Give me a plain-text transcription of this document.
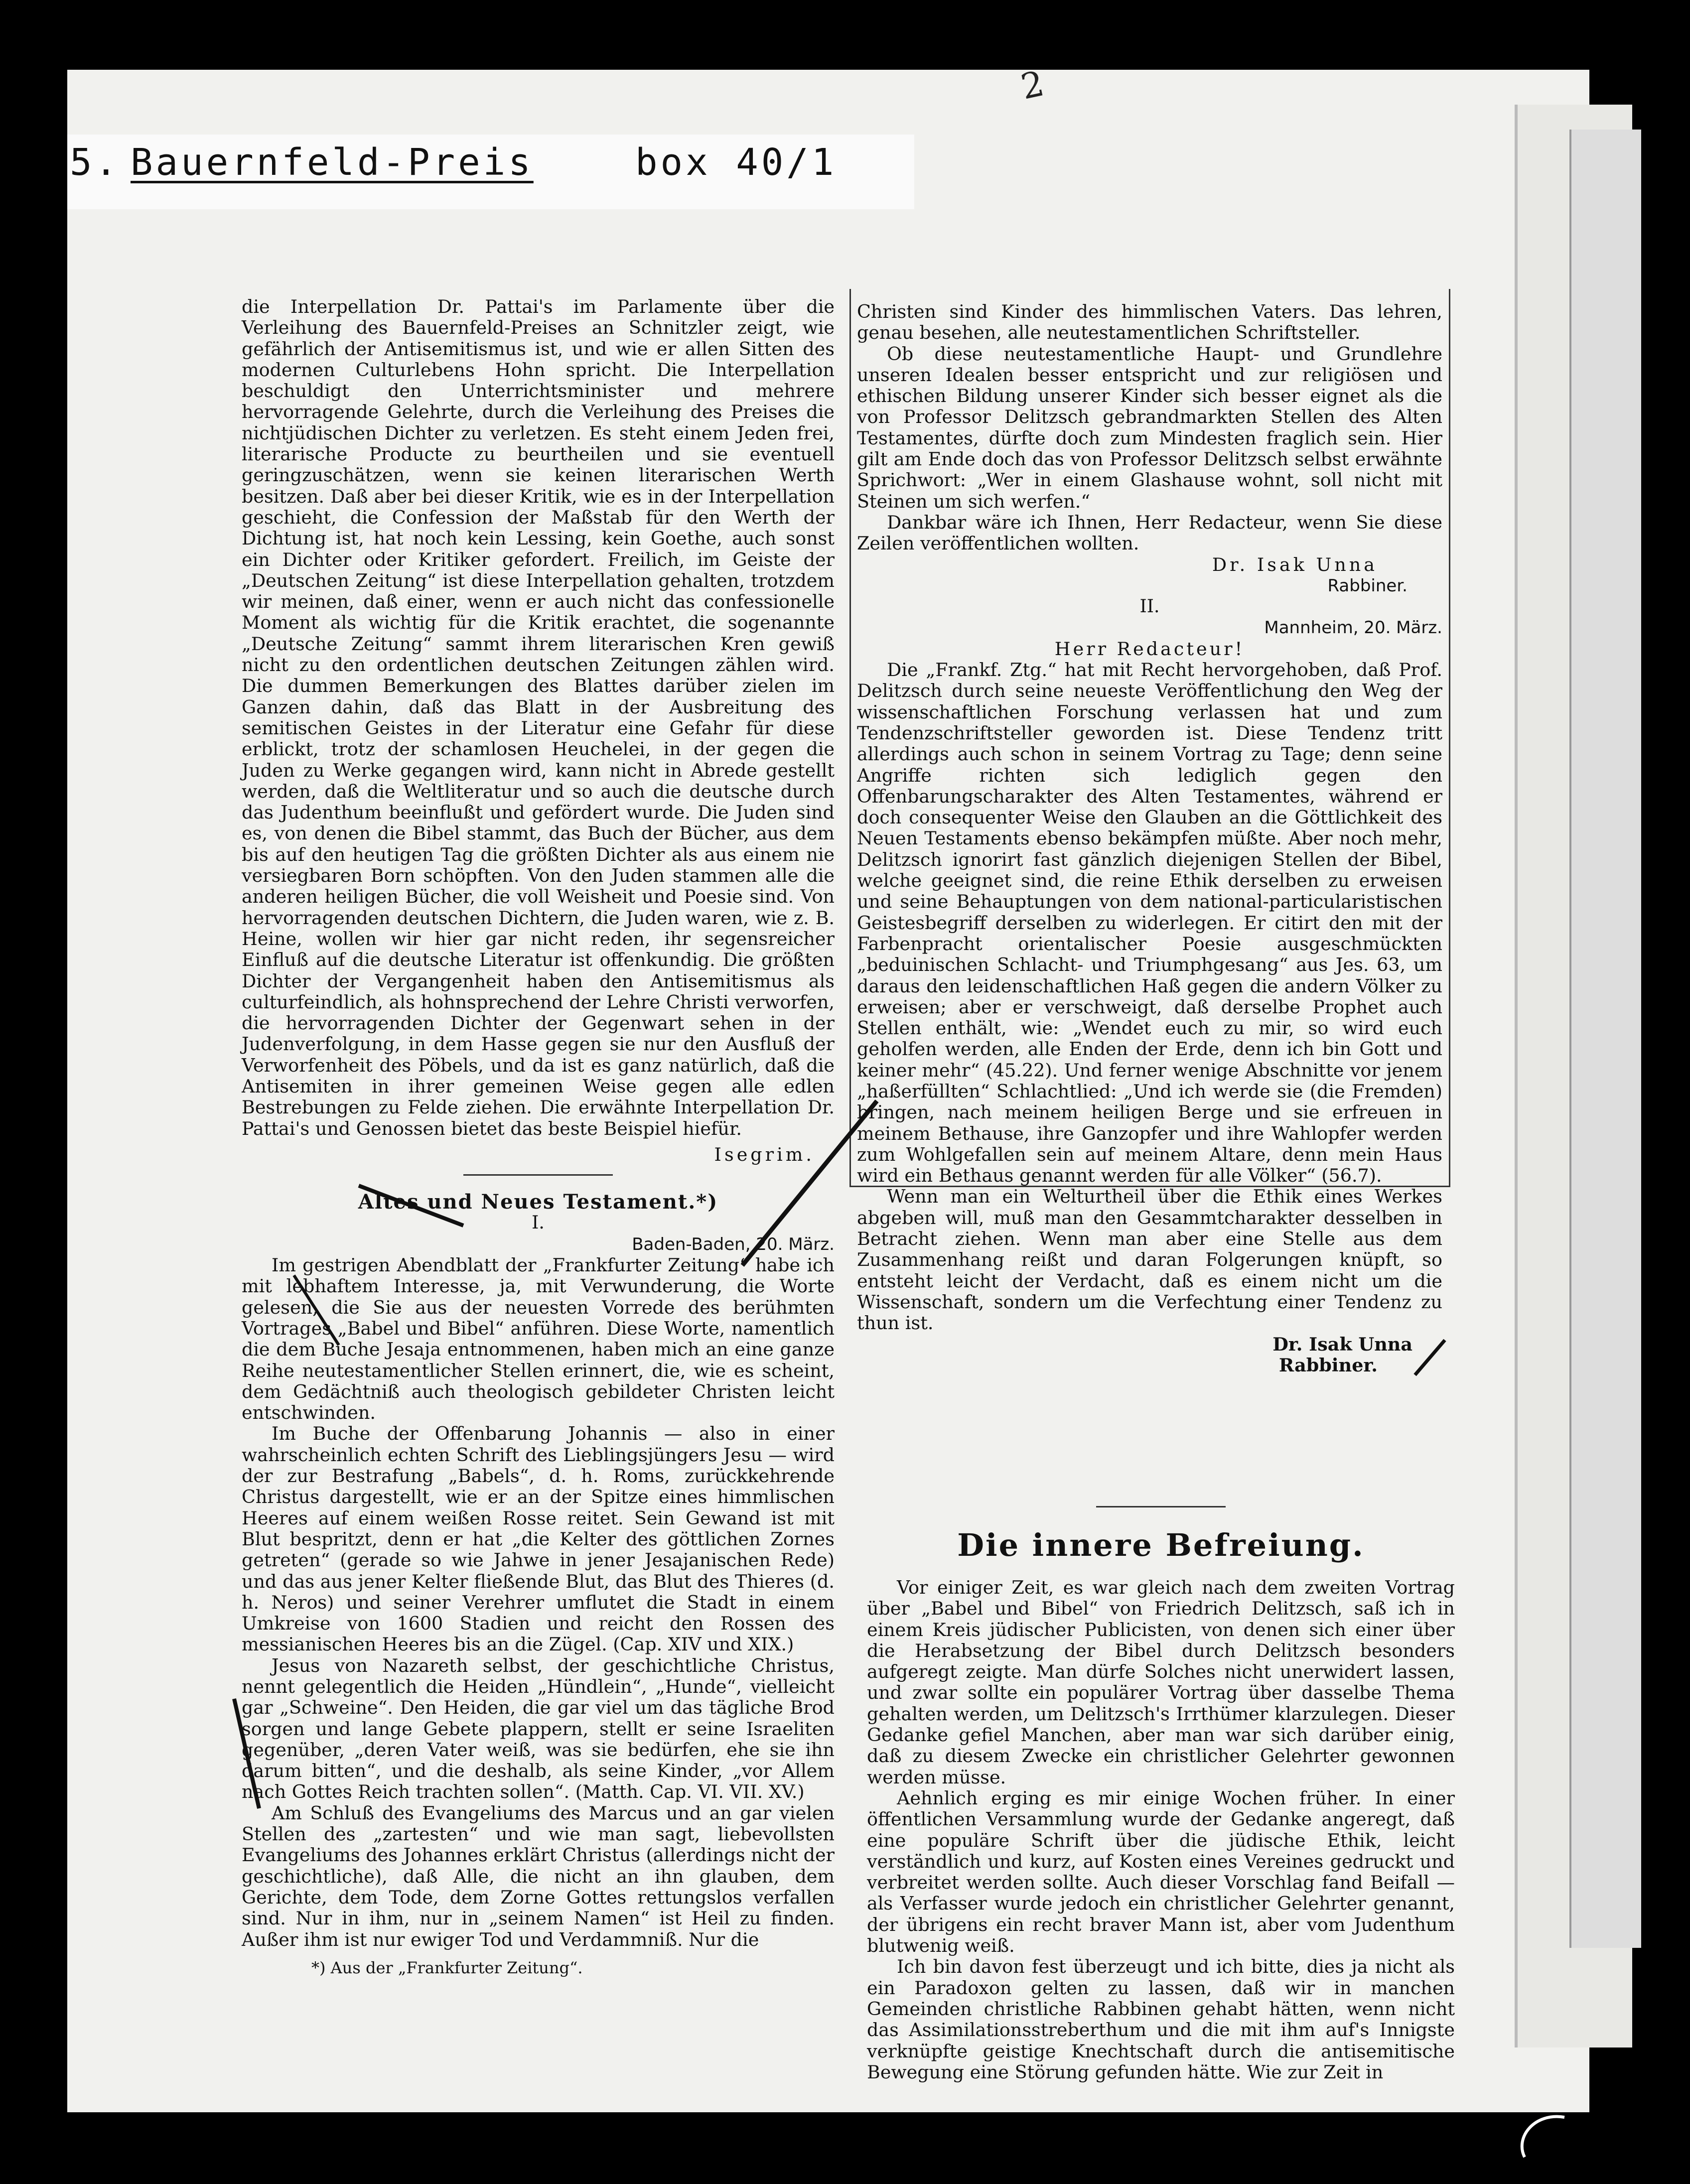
5. Bauernfeld-Preis	box 40/1
2

die Interpellation Dr. Pattai's im Parlamente über die Verleihung des Bauernfeld-Preises an Schnitzler zeigt, wie gefährlich der Antisemitismus ist, und wie er allen Sitten des modernen Culturlebens Hohn spricht. Die Interpellation beschuldigt den Unterrichtsminister und mehrere hervorragende Gelehrte, durch die Verleihung des Preises die nichtjüdischen Dichter zu verletzen. Es steht einem Jeden frei, literarische Producte zu beurtheilen und sie eventuell geringzuschätzen, wenn sie keinen literarischen Werth besitzen. Daß aber bei dieser Kritik, wie es in der Interpellation geschieht, die Confession der Maßstab für den Werth der Dichtung ist, hat noch kein Lessing, kein Goethe, auch sonst ein Dichter oder Kritiker gefordert. Freilich, im Geiste der „Deutschen Zeitung“ ist diese Interpellation gehalten, trotzdem wir meinen, daß einer, wenn er auch nicht das confessionelle Moment als wichtig für die Kritik erachtet, die sogenannte „Deutsche Zeitung“ sammt ihrem literarischen Kren gewiß nicht zu den ordentlichen deutschen Zeitungen zählen wird. Die dummen Bemerkungen des Blattes darüber zielen im Ganzen dahin, daß das Blatt in der Ausbreitung des semitischen Geistes in der Literatur eine Gefahr für diese erblickt, trotz der schamlosen Heuchelei, in der gegen die Juden zu Werke gegangen wird, kann nicht in Abrede gestellt werden, daß die Weltliteratur und so auch die deutsche durch das Judenthum beeinflußt und gefördert wurde. Die Juden sind es, von denen die Bibel stammt, das Buch der Bücher, aus dem bis auf den heutigen Tag die größten Dichter als aus einem nie versiegbaren Born schöpften. Von den Juden stammen alle die anderen heiligen Bücher, die voll Weisheit und Poesie sind. Von hervorragenden deutschen Dichtern, die Juden waren, wie z. B. Heine, wollen wir hier gar nicht reden, ihr segensreicher Einfluß auf die deutsche Literatur ist offenkundig. Die größten Dichter der Vergangenheit haben den Antisemitismus als culturfeindlich, als hohnsprechend der Lehre Christi verworfen, die hervorragenden Dichter der Gegenwart sehen in der Judenverfolgung, in dem Hasse gegen sie nur den Ausfluß der Verworfenheit des Pöbels, und da ist es ganz natürlich, daß die Antisemiten in ihrer gemeinen Weise gegen alle edlen Bestrebungen zu Felde ziehen. Die erwähnte Interpellation Dr. Pattai's und Genossen bietet das beste Beispiel hiefür.

Isegrim.

Altes und Neues Testament.*)

I.

Baden-Baden, 20. März.

Im gestrigen Abendblatt der „Frankfurter Zeitung“ habe ich mit lebhaftem Interesse, ja, mit Verwunderung, die Worte gelesen, die Sie aus der neuesten Vorrede des berühmten Vortrages „Babel und Bibel“ anführen. Diese Worte, namentlich die dem Buche Jesaja entnommenen, haben mich an eine ganze Reihe neutestamentlicher Stellen erinnert, die, wie es scheint, dem Gedächtniß auch theologisch gebildeter Christen leicht entschwinden.

Im Buche der Offenbarung Johannis — also in einer wahrscheinlich echten Schrift des Lieblingsjüngers Jesu — wird der zur Bestrafung „Babels“, d. h. Roms, zurückkehrende Christus dargestellt, wie er an der Spitze eines himmlischen Heeres auf einem weißen Rosse reitet. Sein Gewand ist mit Blut bespritzt, denn er hat „die Kelter des göttlichen Zornes getreten“ (gerade so wie Jahwe in jener Jesajanischen Rede) und das aus jener Kelter fließende Blut, das Blut des Thieres (d. h. Neros) und seiner Verehrer umflutet die Stadt in einem Umkreise von 1600 Stadien und reicht den Rossen des messianischen Heeres bis an die Zügel. (Cap. XIV und XIX.)

Jesus von Nazareth selbst, der geschichtliche Christus, nennt gelegentlich die Heiden „Hündlein“, „Hunde“, vielleicht gar „Schweine“. Den Heiden, die gar viel um das tägliche Brod sorgen und lange Gebete plappern, stellt er seine Israeliten gegenüber, „deren Vater weiß, was sie bedürfen, ehe sie ihn darum bitten“, und die deshalb, als seine Kinder, „vor Allem nach Gottes Reich trachten sollen“. (Matth. Cap. VI. VII. XV.)

Am Schluß des Evangeliums des Marcus und an gar vielen Stellen des „zartesten“ und wie man sagt, liebevollsten Evangeliums des Johannes erklärt Christus (allerdings nicht der geschichtliche), daß Alle, die nicht an ihn glauben, dem Gerichte, dem Tode, dem Zorne Gottes rettungslos verfallen sind. Nur in ihm, nur in „seinem Namen“ ist Heil zu finden. Außer ihm ist nur ewiger Tod und Verdammniß. Nur die

*) Aus der „Frankfurter Zeitung“.

Christen sind Kinder des himmlischen Vaters. Das lehren, genau besehen, alle neutestamentlichen Schriftsteller.

Ob diese neutestamentliche Haupt- und Grundlehre unseren Idealen besser entspricht und zur religiösen und ethischen Bildung unserer Kinder sich besser eignet als die von Professor Delitzsch gebrandmarkten Stellen des Alten Testamentes, dürfte doch zum Mindesten fraglich sein. Hier gilt am Ende doch das von Professor Delitzsch selbst erwähnte Sprichwort: „Wer in einem Glashause wohnt, soll nicht mit Steinen um sich werfen.“

Dankbar wäre ich Ihnen, Herr Redacteur, wenn Sie diese Zeilen veröffentlichen wollten.

Dr. Isak Unna

Rabbiner.

II.

Mannheim, 20. März.

Herr Redacteur!

Die „Frankf. Ztg.“ hat mit Recht hervorgehoben, daß Prof. Delitzsch durch seine neueste Veröffentlichung den Weg der wissenschaftlichen Forschung verlassen hat und zum Tendenzschriftsteller geworden ist. Diese Tendenz tritt allerdings auch schon in seinem Vortrag zu Tage; denn seine Angriffe richten sich lediglich gegen den Offenbarungscharakter des Alten Testamentes, während er doch consequenter Weise den Glauben an die Göttlichkeit des Neuen Testaments ebenso bekämpfen müßte. Aber noch mehr, Delitzsch ignorirt fast gänzlich diejenigen Stellen der Bibel, welche geeignet sind, die reine Ethik derselben zu erweisen und seine Behauptungen von dem national-particularistischen Geistesbegriff derselben zu widerlegen. Er citirt den mit der Farbenpracht orientalischer Poesie ausgeschmückten „beduinischen Schlacht- und Triumphgesang“ aus Jes. 63, um daraus den leidenschaftlichen Haß gegen die andern Völker zu erweisen; aber er verschweigt, daß derselbe Prophet auch Stellen enthält, wie: „Wendet euch zu mir, so wird euch geholfen werden, alle Enden der Erde, denn ich bin Gott und keiner mehr“ (45.22). Und ferner wenige Abschnitte vor jenem „haßerfüllten“ Schlachtlied: „Und ich werde sie (die Fremden) bringen, nach meinem heiligen Berge und sie erfreuen in meinem Bethause, ihre Ganzopfer und ihre Wahlopfer werden zum Wohlgefallen sein auf meinem Altare, denn mein Haus wird ein Bethaus genannt werden für alle Völker“ (56.7).

Wenn man ein Welturtheil über die Ethik eines Werkes abgeben will, muß man den Gesammtcharakter desselben in Betracht ziehen. Wenn man aber eine Stelle aus dem Zusammenhang reißt und daran Folgerungen knüpft, so entsteht leicht der Verdacht, daß es einem nicht um die Wissenschaft, sondern um die Verfechtung einer Tendenz zu thun ist.

Dr. Isak Unna

Rabbiner.

Die innere Befreiung.

Vor einiger Zeit, es war gleich nach dem zweiten Vortrag über „Babel und Bibel“ von Friedrich Delitzsch, saß ich in einem Kreis jüdischer Publicisten, von denen sich einer über die Herabsetzung der Bibel durch Delitzsch besonders aufgeregt zeigte. Man dürfe Solches nicht unerwidert lassen, und zwar sollte ein populärer Vortrag über dasselbe Thema gehalten werden, um Delitzsch's Irrthümer klarzulegen. Dieser Gedanke gefiel Manchen, aber man war sich darüber einig, daß zu diesem Zwecke ein christlicher Gelehrter gewonnen werden müsse.

Aehnlich erging es mir einige Wochen früher. In einer öffentlichen Versammlung wurde der Gedanke angeregt, daß eine populäre Schrift über die jüdische Ethik, leicht verständlich und kurz, auf Kosten eines Vereines gedruckt und verbreitet werden sollte. Auch dieser Vorschlag fand Beifall — als Verfasser wurde jedoch ein christlicher Gelehrter genannt, der übrigens ein recht braver Mann ist, aber vom Judenthum blutwenig weiß.

Ich bin davon fest überzeugt und ich bitte, dies ja nicht als ein Paradoxon gelten zu lassen, daß wir in manchen Gemeinden christliche Rabbinen gehabt hätten, wenn nicht das Assimilationsstreberthum und die mit ihm auf's Innigste verknüpfte geistige Knechtschaft durch die antisemitische Bewegung eine Störung gefunden hätte. Wie zur Zeit in
